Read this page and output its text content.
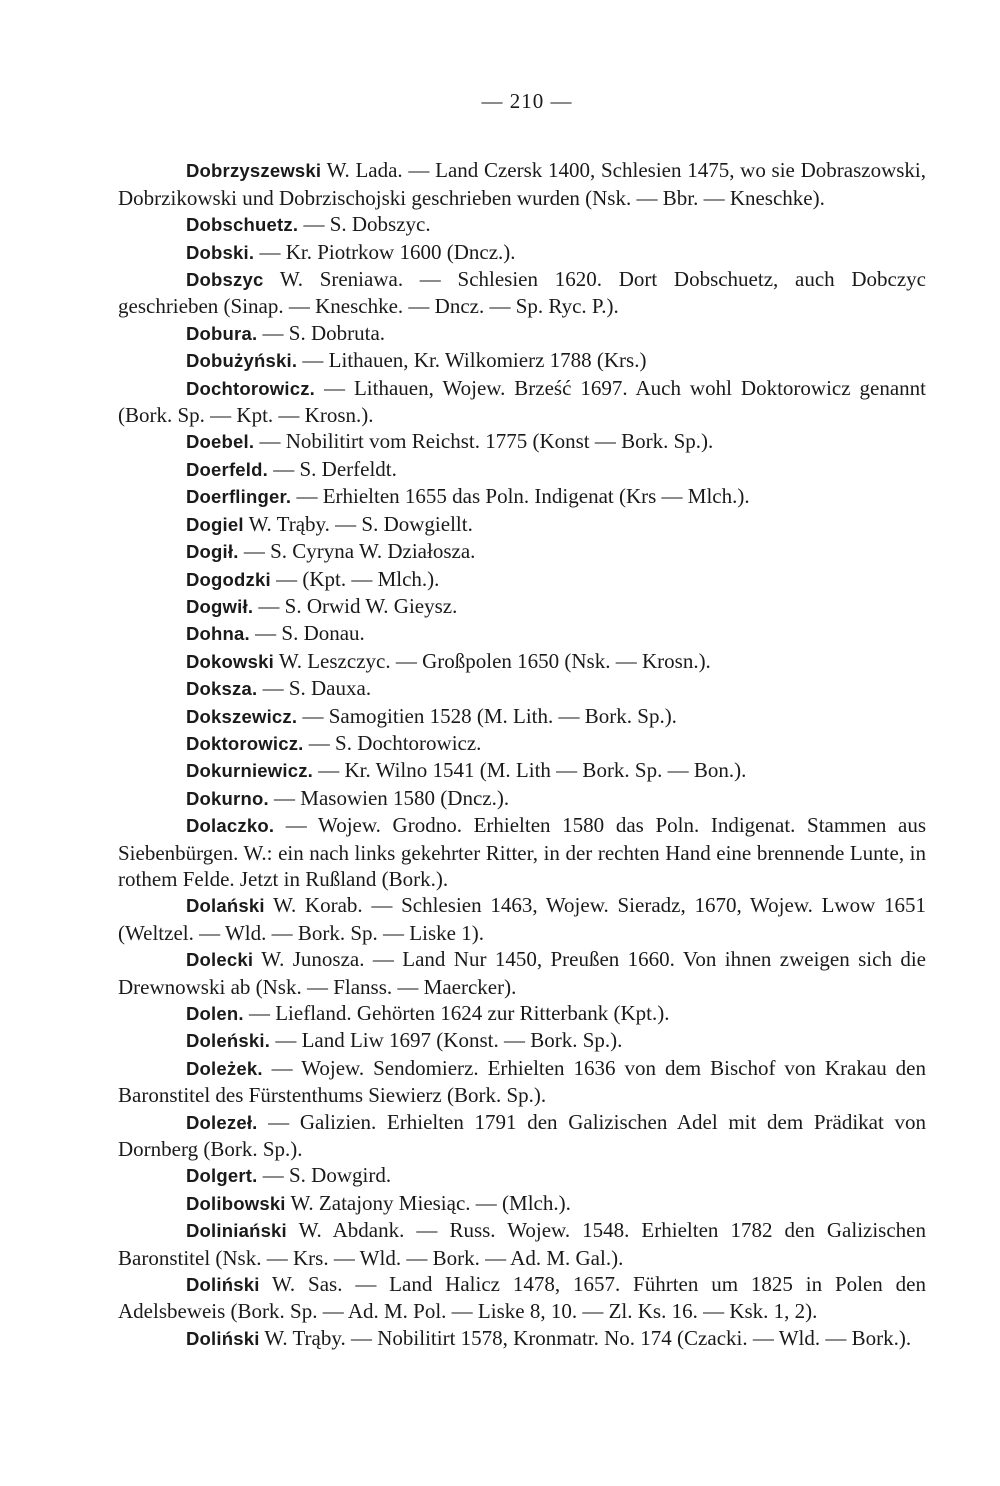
— 210 —

Dobrzyszewski W. Lada. — Land Czersk 1400, Schlesien 1475, wo sie Dobraszowski, Dobrzikowski und Dobrzischojski geschrieben wurden (Nsk. — Bbr. — Kneschke).

Dobschuetz. — S. Dobszyc.

Dobski. — Kr. Piotrkow 1600 (Dncz.).

Dobszyc W. Sreniawa. — Schlesien 1620. Dort Dobschuetz, auch Dobczyc geschrieben (Sinap. — Kneschke. — Dncz. — Sp. Ryc. P.).

Dobura. — S. Dobruta.

Dobużyński. — Lithauen, Kr. Wilkomierz 1788 (Krs.)

Dochtorowicz. — Lithauen, Wojew. Brześć 1697. Auch wohl Doktorowicz genannt (Bork. Sp. — Kpt. — Krosn.).

Doebel. — Nobilitirt vom Reichst. 1775 (Konst — Bork. Sp.).

Doerfeld. — S. Derfeldt.

Doerflinger. — Erhielten 1655 das Poln. Indigenat (Krs — Mlch.).

Dogiel W. Trąby. — S. Dowgiellt.

Dogił. — S. Cyryna W. Działosza.

Dogodzki — (Kpt. — Mlch.).

Dogwił. — S. Orwid W. Gieysz.

Dohna. — S. Donau.

Dokowski W. Leszczyc. — Großpolen 1650 (Nsk. — Krosn.).

Doksza. — S. Dauxa.

Dokszewicz. — Samogitien 1528 (M. Lith. — Bork. Sp.).

Doktorowicz. — S. Dochtorowicz.

Dokurniewicz. — Kr. Wilno 1541 (M. Lith — Bork. Sp. — Bon.).

Dokurno. — Masowien 1580 (Dncz.).

Dolaczko. — Wojew. Grodno. Erhielten 1580 das Poln. Indigenat. Stammen aus Siebenbürgen. W.: ein nach links gekehrter Ritter, in der rechten Hand eine brennende Lunte, in rothem Felde. Jetzt in Rußland (Bork.).

Dolański W. Korab. — Schlesien 1463, Wojew. Sieradz, 1670, Wojew. Lwow 1651 (Weltzel. — Wld. — Bork. Sp. — Liske 1).

Dolecki W. Junosza. — Land Nur 1450, Preußen 1660. Von ihnen zweigen sich die Drewnowski ab (Nsk. — Flanss. — Maercker).

Dolen. — Liefland. Gehörten 1624 zur Ritterbank (Kpt.).

Doleński. — Land Liw 1697 (Konst. — Bork. Sp.).

Doleżek. — Wojew. Sendomierz. Erhielten 1636 von dem Bischof von Krakau den Baronstitel des Fürstenthums Siewierz (Bork. Sp.).

Dolezeł. — Galizien. Erhielten 1791 den Galizischen Adel mit dem Prädikat von Dornberg (Bork. Sp.).

Dolgert. — S. Dowgird.

Dolibowski W. Zatajony Miesiąc. — (Mlch.).

Doliniański W. Abdank. — Russ. Wojew. 1548. Erhielten 1782 den Galizischen Baronstitel (Nsk. — Krs. — Wld. — Bork. — Ad. M. Gal.).

Doliński W. Sas. — Land Halicz 1478, 1657. Führten um 1825 in Polen den Adelsbeweis (Bork. Sp. — Ad. M. Pol. — Liske 8, 10. — Zl. Ks. 16. — Ksk. 1, 2).

Doliński W. Trąby. — Nobilitirt 1578, Kronmatr. No. 174 (Czacki. — Wld. — Bork.).
